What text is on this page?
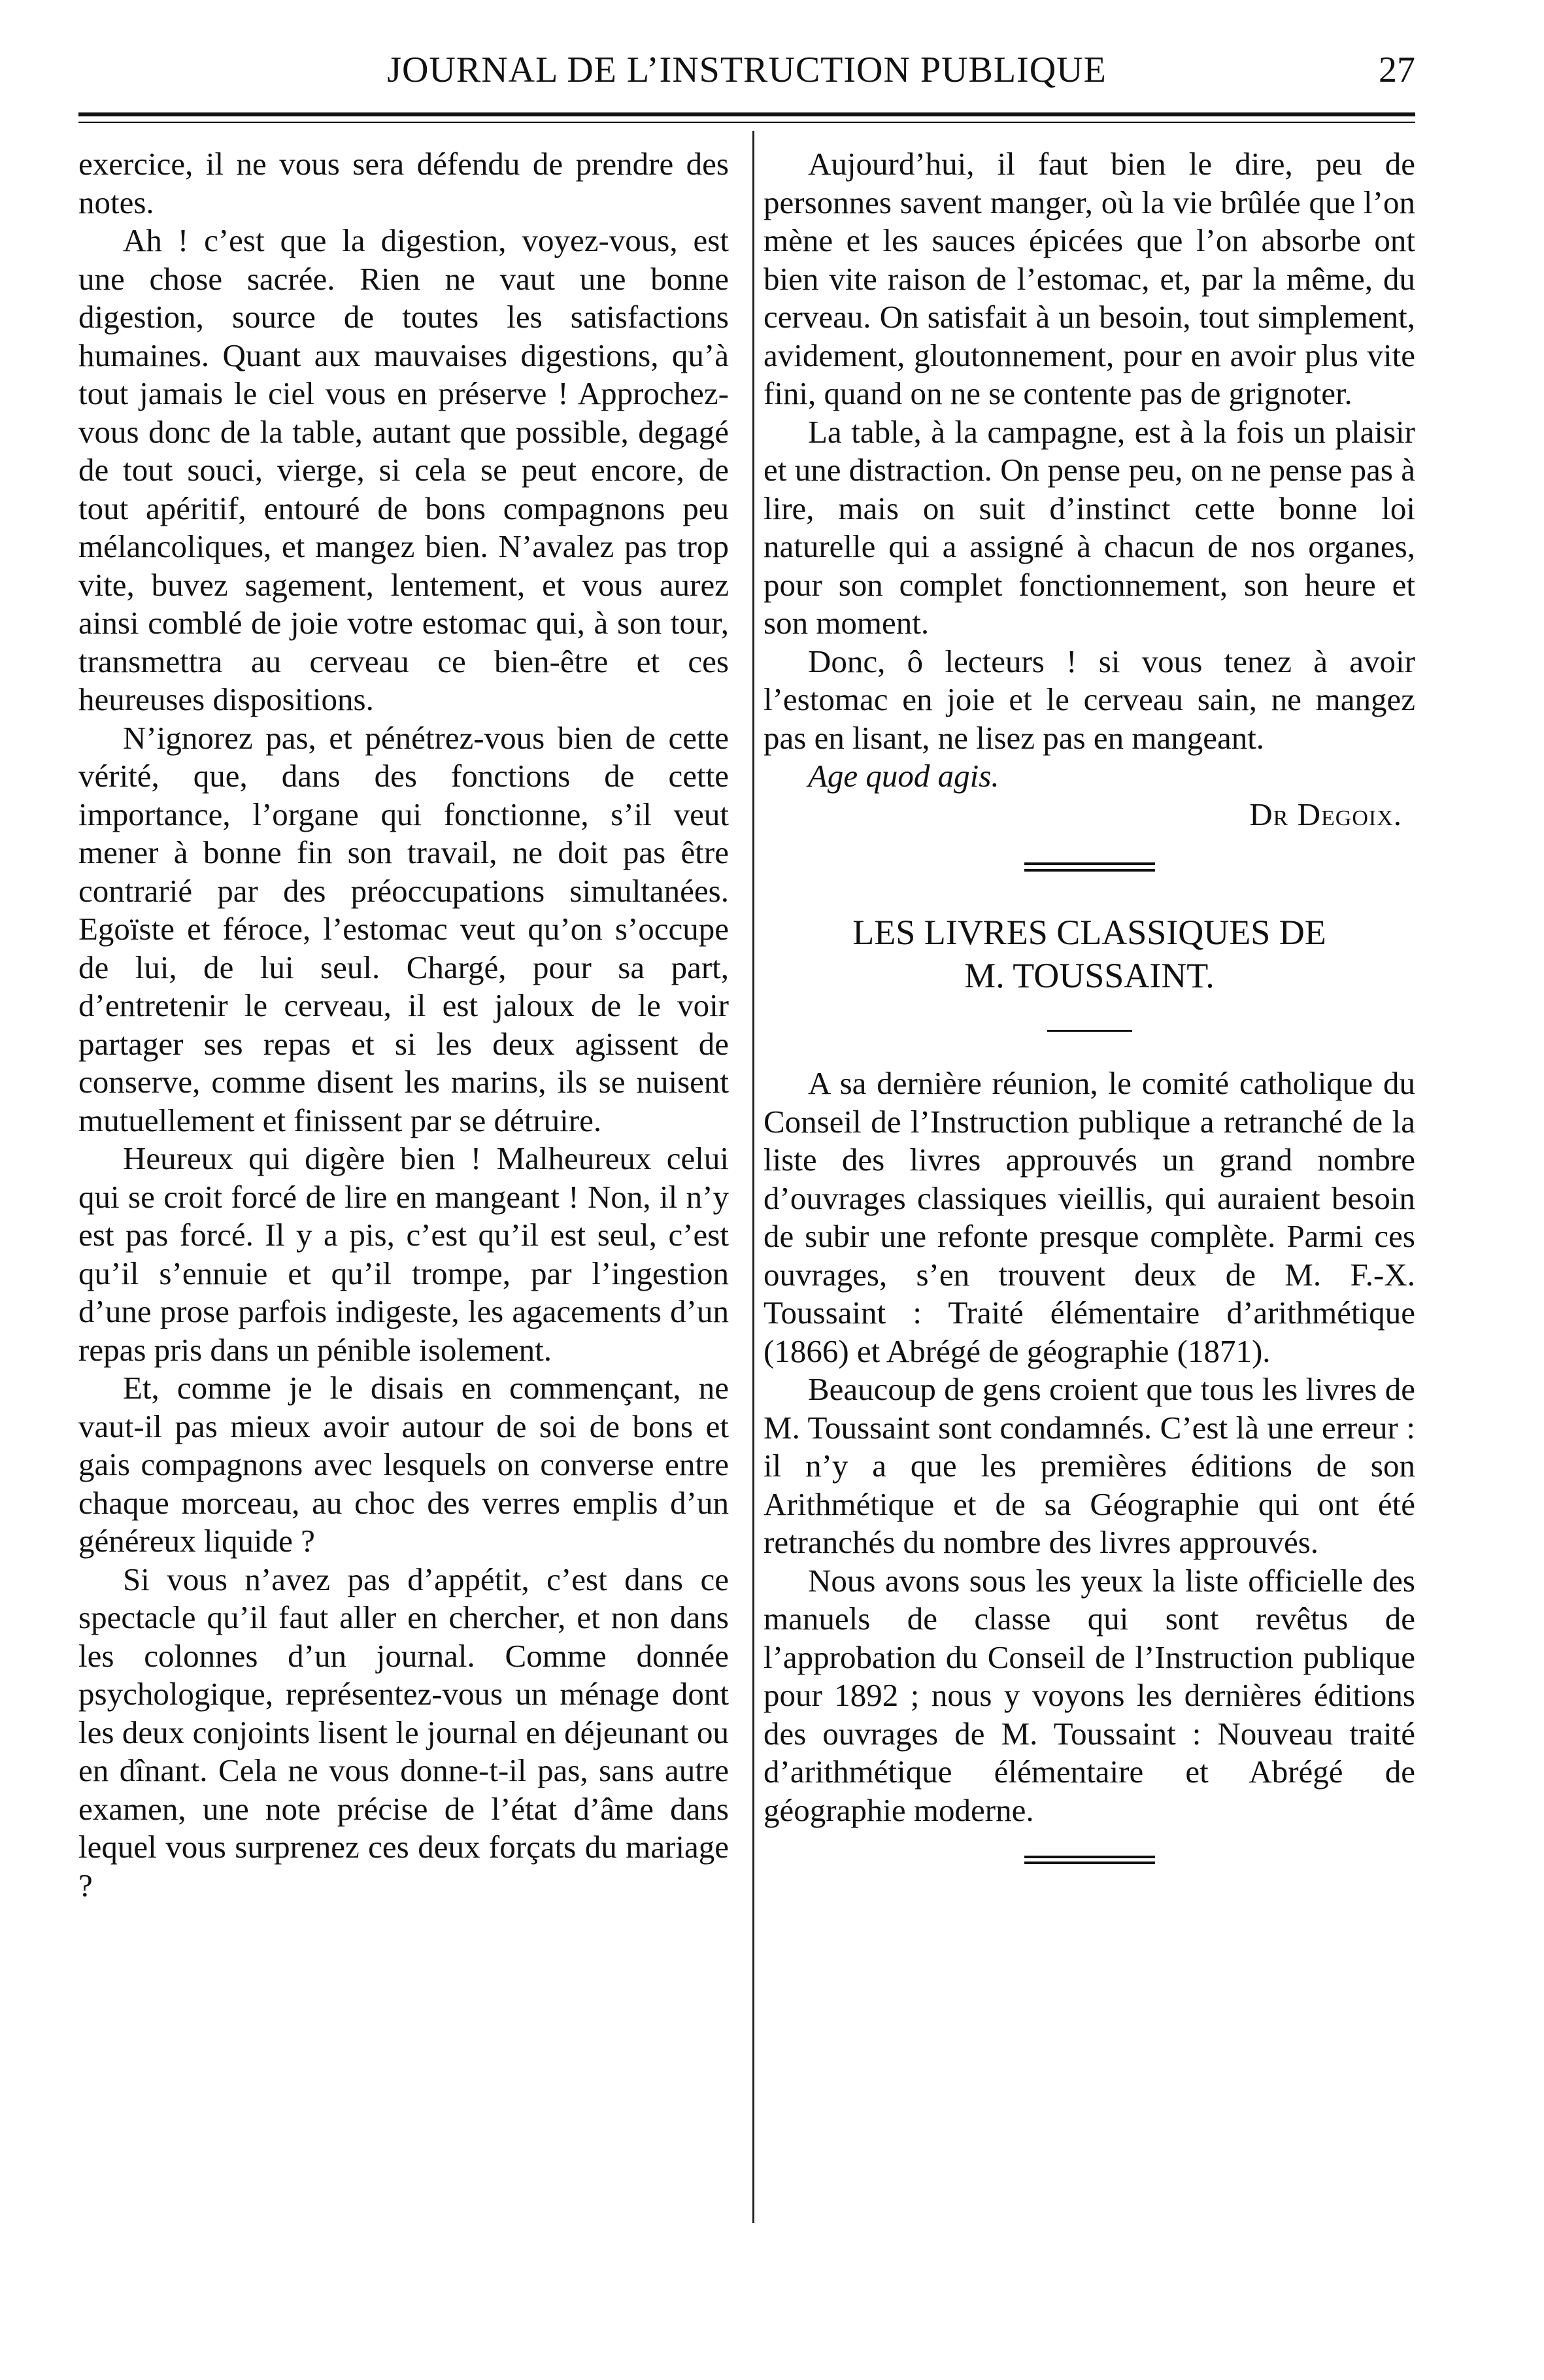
JOURNAL DE L’INSTRUCTION PUBLIQUE	27

exercice, il ne vous sera défendu de prendre des notes.

Ah ! c’est que la digestion, voyez-vous, est une chose sacrée. Rien ne vaut une bonne digestion, source de toutes les satisfactions humaines. Quant aux mauvaises digestions, qu’à tout jamais le ciel vous en préserve ! Approchez-vous donc de la table, autant que possible, degagé de tout souci, vierge, si cela se peut encore, de tout apéritif, entouré de bons compagnons peu mélancoliques, et mangez bien. N’avalez pas trop vite, buvez sagement, lentement, et vous aurez ainsi comblé de joie votre estomac qui, à son tour, transmettra au cerveau ce bien-être et ces heureuses dispositions.

N’ignorez pas, et pénétrez-vous bien de cette vérité, que, dans des fonctions de cette importance, l’organe qui fonctionne, s’il veut mener à bonne fin son travail, ne doit pas être contrarié par des préoccupations simultanées. Egoïste et féroce, l’estomac veut qu’on s’occupe de lui, de lui seul. Chargé, pour sa part, d’entretenir le cerveau, il est jaloux de le voir partager ses repas et si les deux agissent de conserve, comme disent les marins, ils se nuisent mutuellement et finissent par se détruire.

Heureux qui digère bien ! Malheureux celui qui se croit forcé de lire en mangeant ! Non, il n’y est pas forcé. Il y a pis, c’est qu’il est seul, c’est qu’il s’ennuie et qu’il trompe, par l’ingestion d’une prose parfois indigeste, les agacements d’un repas pris dans un pénible isolement.

Et, comme je le disais en commençant, ne vaut-il pas mieux avoir autour de soi de bons et gais compagnons avec lesquels on converse entre chaque morceau, au choc des verres emplis d’un généreux liquide ?

Si vous n’avez pas d’appétit, c’est dans ce spectacle qu’il faut aller en chercher, et non dans les colonnes d’un journal. Comme donnée psychologique, représentez-vous un ménage dont les deux conjoints lisent le journal en déjeunant ou en dînant. Cela ne vous donne-t-il pas, sans autre examen, une note précise de l’état d’âme dans lequel vous surprenez ces deux forçats du mariage ?

Aujourd’hui, il faut bien le dire, peu de personnes savent manger, où la vie brûlée que l’on mène et les sauces épicées que l’on absorbe ont bien vite raison de l’estomac, et, par la même, du cerveau. On satisfait à un besoin, tout simplement, avidement, gloutonnement, pour en avoir plus vite fini, quand on ne se contente pas de grignoter.

La table, à la campagne, est à la fois un plaisir et une distraction. On pense peu, on ne pense pas à lire, mais on suit d’instinct cette bonne loi naturelle qui a assigné à chacun de nos organes, pour son complet fonctionnement, son heure et son moment.

Donc, ô lecteurs ! si vous tenez à avoir l’estomac en joie et le cerveau sain, ne mangez pas en lisant, ne lisez pas en mangeant.

Age quod agis.

Dr Degoix.

LES LIVRES CLASSIQUES DE
M. TOUSSAINT.

A sa dernière réunion, le comité catholique du Conseil de l’Instruction publique a retranché de la liste des livres approuvés un grand nombre d’ouvrages classiques vieillis, qui auraient besoin de subir une refonte presque complète. Parmi ces ouvrages, s’en trouvent deux de M. F.-X. Toussaint : Traité élémentaire d’arithmétique (1866) et Abrégé de géographie (1871).

Beaucoup de gens croient que tous les livres de M. Toussaint sont condamnés. C’est là une erreur : il n’y a que les premières éditions de son Arithmétique et de sa Géographie qui ont été retranchés du nombre des livres approuvés.

Nous avons sous les yeux la liste officielle des manuels de classe qui sont revêtus de l’approbation du Conseil de l’Instruction publique pour 1892 ; nous y voyons les dernières éditions des ouvrages de M. Toussaint : Nouveau traité d’arithmétique élémentaire et Abrégé de géographie moderne.
